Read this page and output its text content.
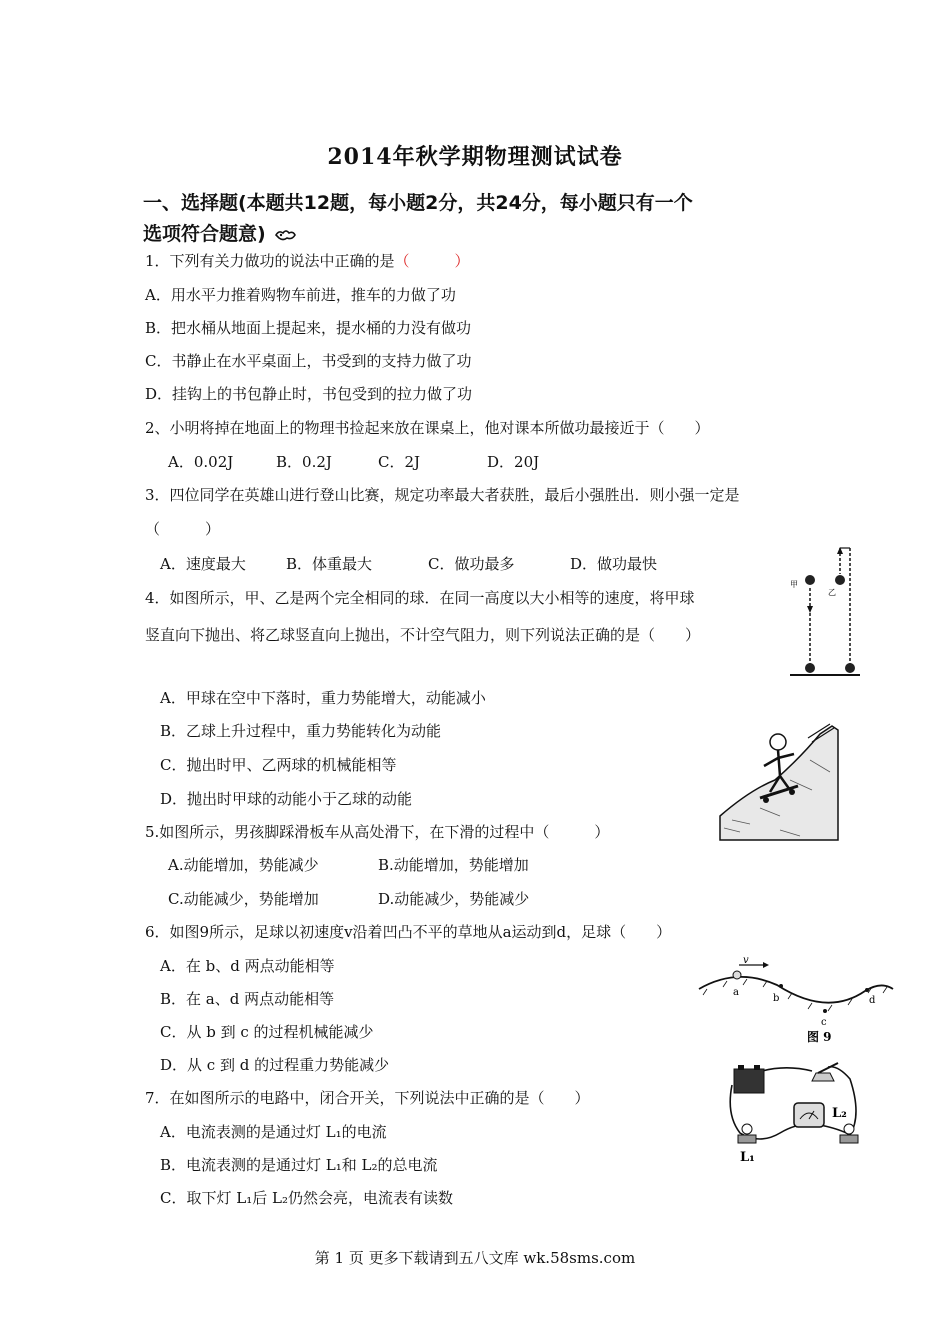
2014年秋学期物理测试试卷
一、选择题(本题共12题，每小题2分，共24分，每小题只有一个
选项符合题意)
1．下列有关力做功的说法中正确的是（　　　）
A．用水平力推着购物车前进，推车的力做了功
B．把水桶从地面上提起来，提水桶的力没有做功
C．书静止在水平桌面上，书受到的支持力做了功
D．挂钩上的书包静止时，书包受到的拉力做了功
2、小明将掉在地面上的物理书捡起来放在课桌上，他对课本所做功最接近于（　　）
A．0.02J	B．0.2J	C．2J	D．20J
3．四位同学在英雄山进行登山比赛，规定功率最大者获胜，最后小强胜出．则小强一定是
（　　　）
A．速度最大	B．体重最大	C．做功最多	D．做功最快
甲
乙
4．如图所示，甲、乙是两个完全相同的球．在同一高度以大小相等的速度，将甲球
竖直向下抛出、将乙球竖直向上抛出，不计空气阻力，则下列说法正确的是（　　）
A．甲球在空中下落时，重力势能增大，动能减小
B．乙球上升过程中，重力势能转化为动能
C．抛出时甲、乙两球的机械能相等
D．抛出时甲球的动能小于乙球的动能
5.如图所示，男孩脚踩滑板车从高处滑下，在下滑的过程中（　　　）
A.动能增加，势能减少	B.动能增加，势能增加
C.动能减少，势能增加	D.动能减少，势能减少
6．如图9所示，足球以初速度v沿着凹凸不平的草地从a运动到d，足球（　　）
A．在 b、d 两点动能相等
B．在 a、d 两点动能相等
C．从 b 到 c 的过程机械能减少
D．从 c 到 d 的过程重力势能减少
v
a
b
c
d
图 9
L₁
L₂
7．在如图所示的电路中，闭合开关，下列说法中正确的是（　　）
A．电流表测的是通过灯 L₁的电流
B．电流表测的是通过灯 L₁和 L₂的总电流
C．取下灯 L₁后 L₂仍然会亮，电流表有读数
第 1 页 更多下载请到五八文库 wk.58sms.com
